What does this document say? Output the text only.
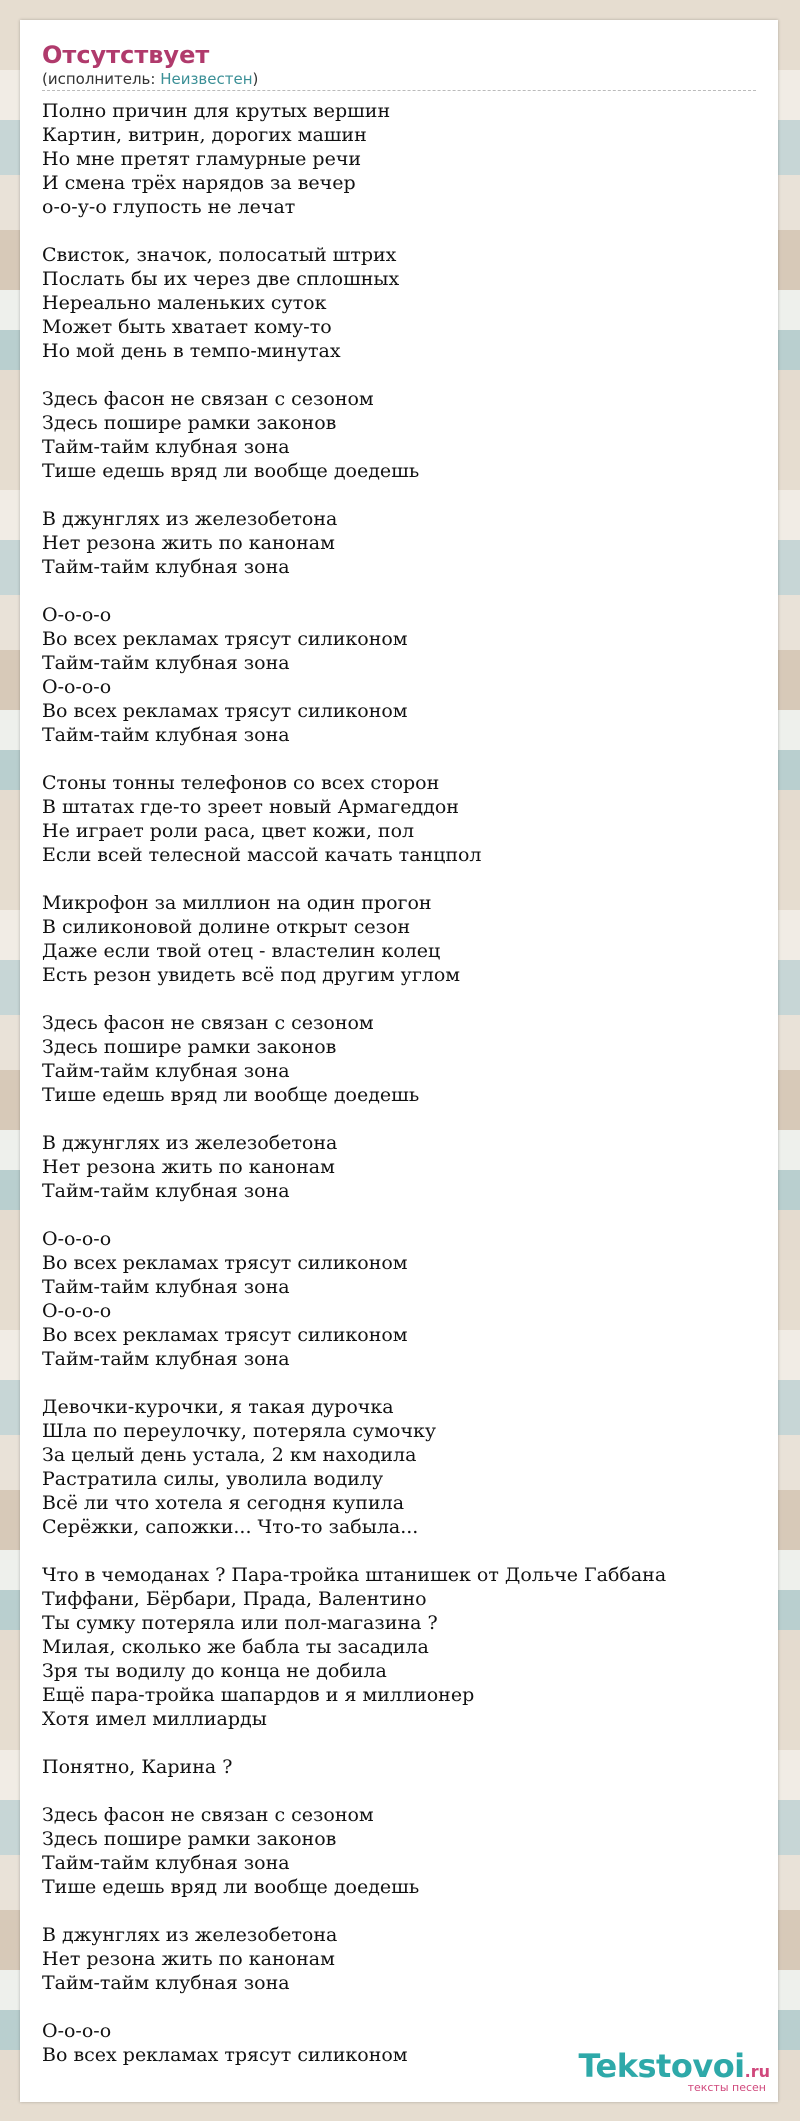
Отсутствует
(исполнитель: Неизвестен)
Полно причин для крутых вершин
Картин, витрин, дорогих машин
Но мне претят гламурные речи
И смена трёх нарядов за вечер
о-о-у-о глупость не лечат
Свисток, значок, полосатый штрих
Послать бы их через две сплошных
Нереально маленьких суток
Может быть хватает кому-то
Но мой день в темпо-минутах
Здесь фасон не связан с сезоном
Здесь пошире рамки законов
Тайм-тайм клубная зона
Тише едешь вряд ли вообще доедешь
В джунглях из железобетона
Нет резона жить по канонам
Тайм-тайм клубная зона
О-о-о-о
Во всех рекламах трясут силиконом
Тайм-тайм клубная зона
О-о-о-о
Во всех рекламах трясут силиконом
Тайм-тайм клубная зона
Стоны тонны телефонов со всех сторон
В штатах где-то зреет новый Армагеддон
Не играет роли раса, цвет кожи, пол
Если всей телесной массой качать танцпол
Микрофон за миллион на один прогон
В силиконовой долине открыт сезон
Даже если твой отец - властелин колец
Есть резон увидеть всё под другим углом
Здесь фасон не связан с сезоном
Здесь пошире рамки законов
Тайм-тайм клубная зона
Тише едешь вряд ли вообще доедешь
В джунглях из железобетона
Нет резона жить по канонам
Тайм-тайм клубная зона
О-о-о-о
Во всех рекламах трясут силиконом
Тайм-тайм клубная зона
О-о-о-о
Во всех рекламах трясут силиконом
Тайм-тайм клубная зона
Девочки-курочки, я такая дурочка
Шла по переулочку, потеряла сумочку
За целый день устала, 2 км находила
Растратила силы, уволила водилу
Всё ли что хотела я сегодня купила
Серёжки, сапожки... Что-то забыла...
Что в чемоданах ? Пара-тройка штанишек от Дольче Габбана
Тиффани, Бёрбари, Прада, Валентино
Ты сумку потеряла или пол-магазина ?
Милая, сколько же бабла ты засадила
Зря ты водилу до конца не добила
Ещё пара-тройка шапардов и я миллионер
Хотя имел миллиарды
Понятно, Карина ?
Здесь фасон не связан с сезоном
Здесь пошире рамки законов
Тайм-тайм клубная зона
Тише едешь вряд ли вообще доедешь
В джунглях из железобетона
Нет резона жить по канонам
Тайм-тайм клубная зона
О-о-о-о
Во всех рекламах трясут силиконом	Tekstovoi.ru
тексты песен
